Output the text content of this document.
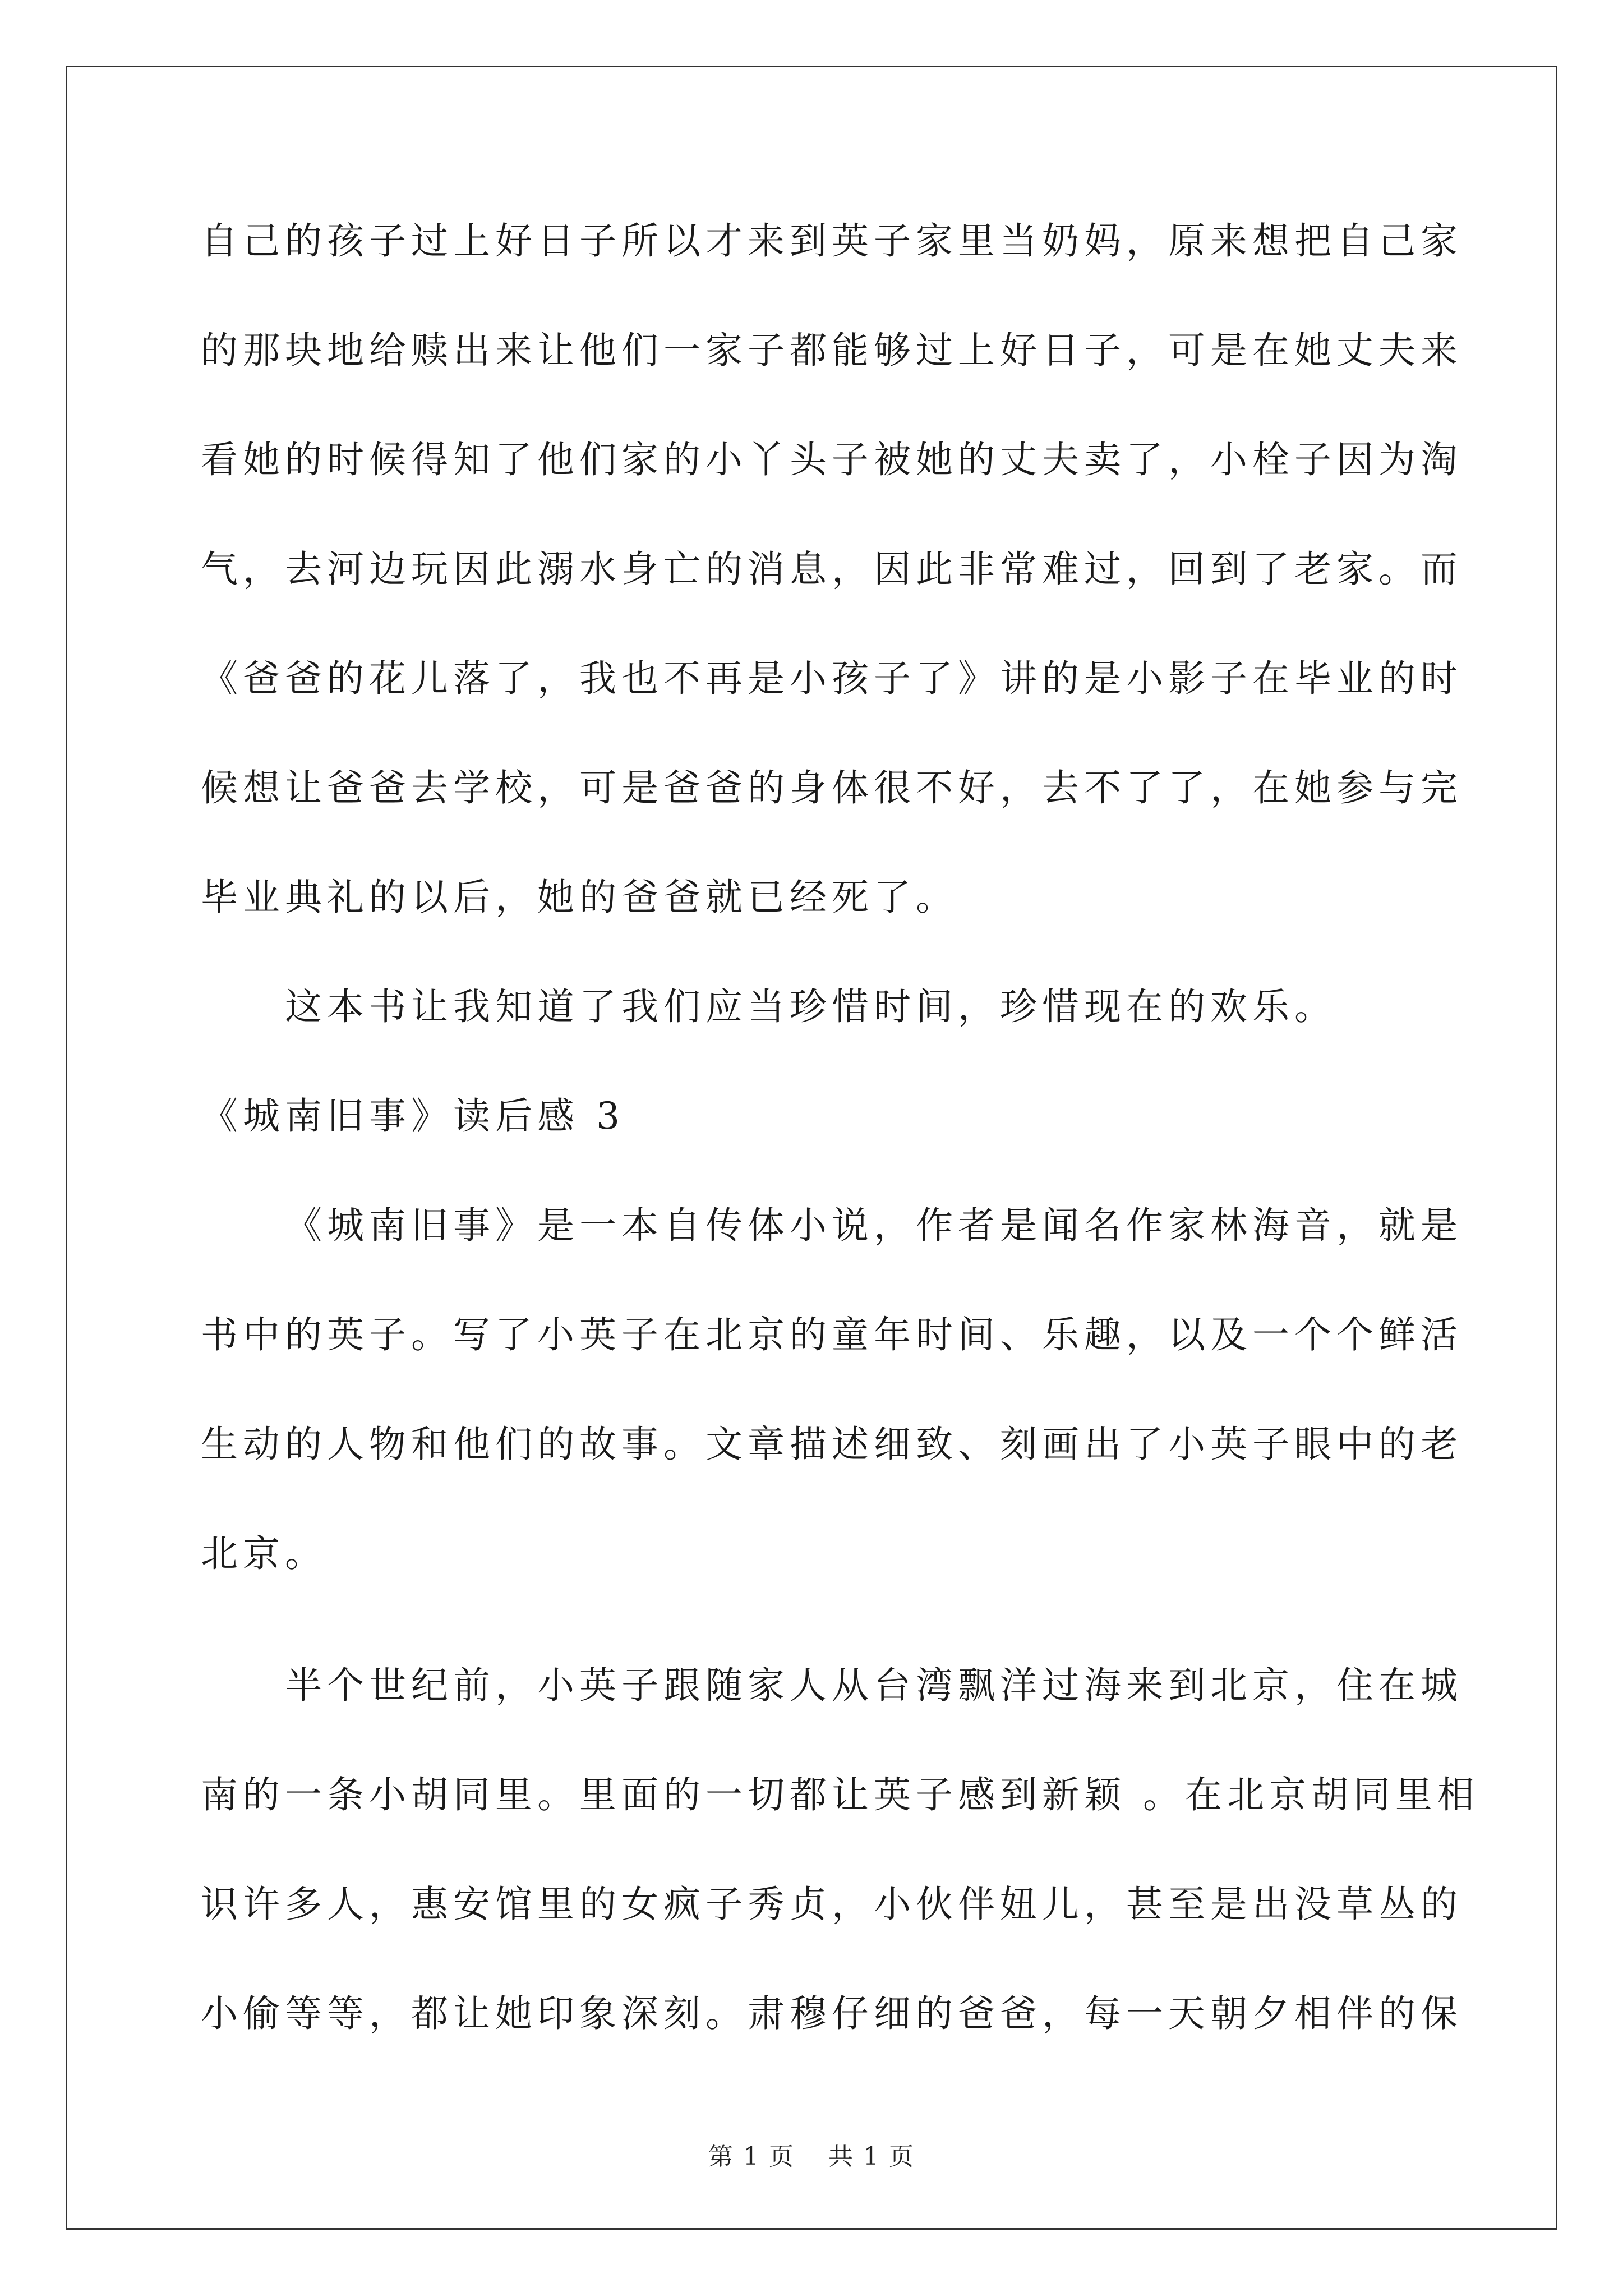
自己的孩子过上好日子所以才来到英子家里当奶妈，原来想把自己家
的那块地给赎出来让他们一家子都能够过上好日子，可是在她丈夫来
看她的时候得知了他们家的小丫头子被她的丈夫卖了，小栓子因为淘
气，去河边玩因此溺水身亡的消息，因此非常难过，回到了老家。而
《爸爸的花儿落了，我也不再是小孩子了》讲的是小影子在毕业的时
候想让爸爸去学校，可是爸爸的身体很不好，去不了了，在她参与完
毕业典礼的以后，她的爸爸就已经死了。
这本书让我知道了我们应当珍惜时间，珍惜现在的欢乐。
《城南旧事》读后感 3
《城南旧事》是一本自传体小说，作者是闻名作家林海音，就是
书中的英子。写了小英子在北京的童年时间、乐趣，以及一个个鲜活
生动的人物和他们的故事。文章描述细致、刻画出了小英子眼中的老
北京。
半个世纪前，小英子跟随家人从台湾飘洋过海来到北京，住在城
南的一条小胡同里。里面的一切都让英子感到新颖 。在北京胡同里相
识许多人，惠安馆里的女疯子秀贞，小伙伴妞儿，甚至是出没草丛的
小偷等等，都让她印象深刻。肃穆仔细的爸爸，每一天朝夕相伴的保
第 1 页 共 1 页
